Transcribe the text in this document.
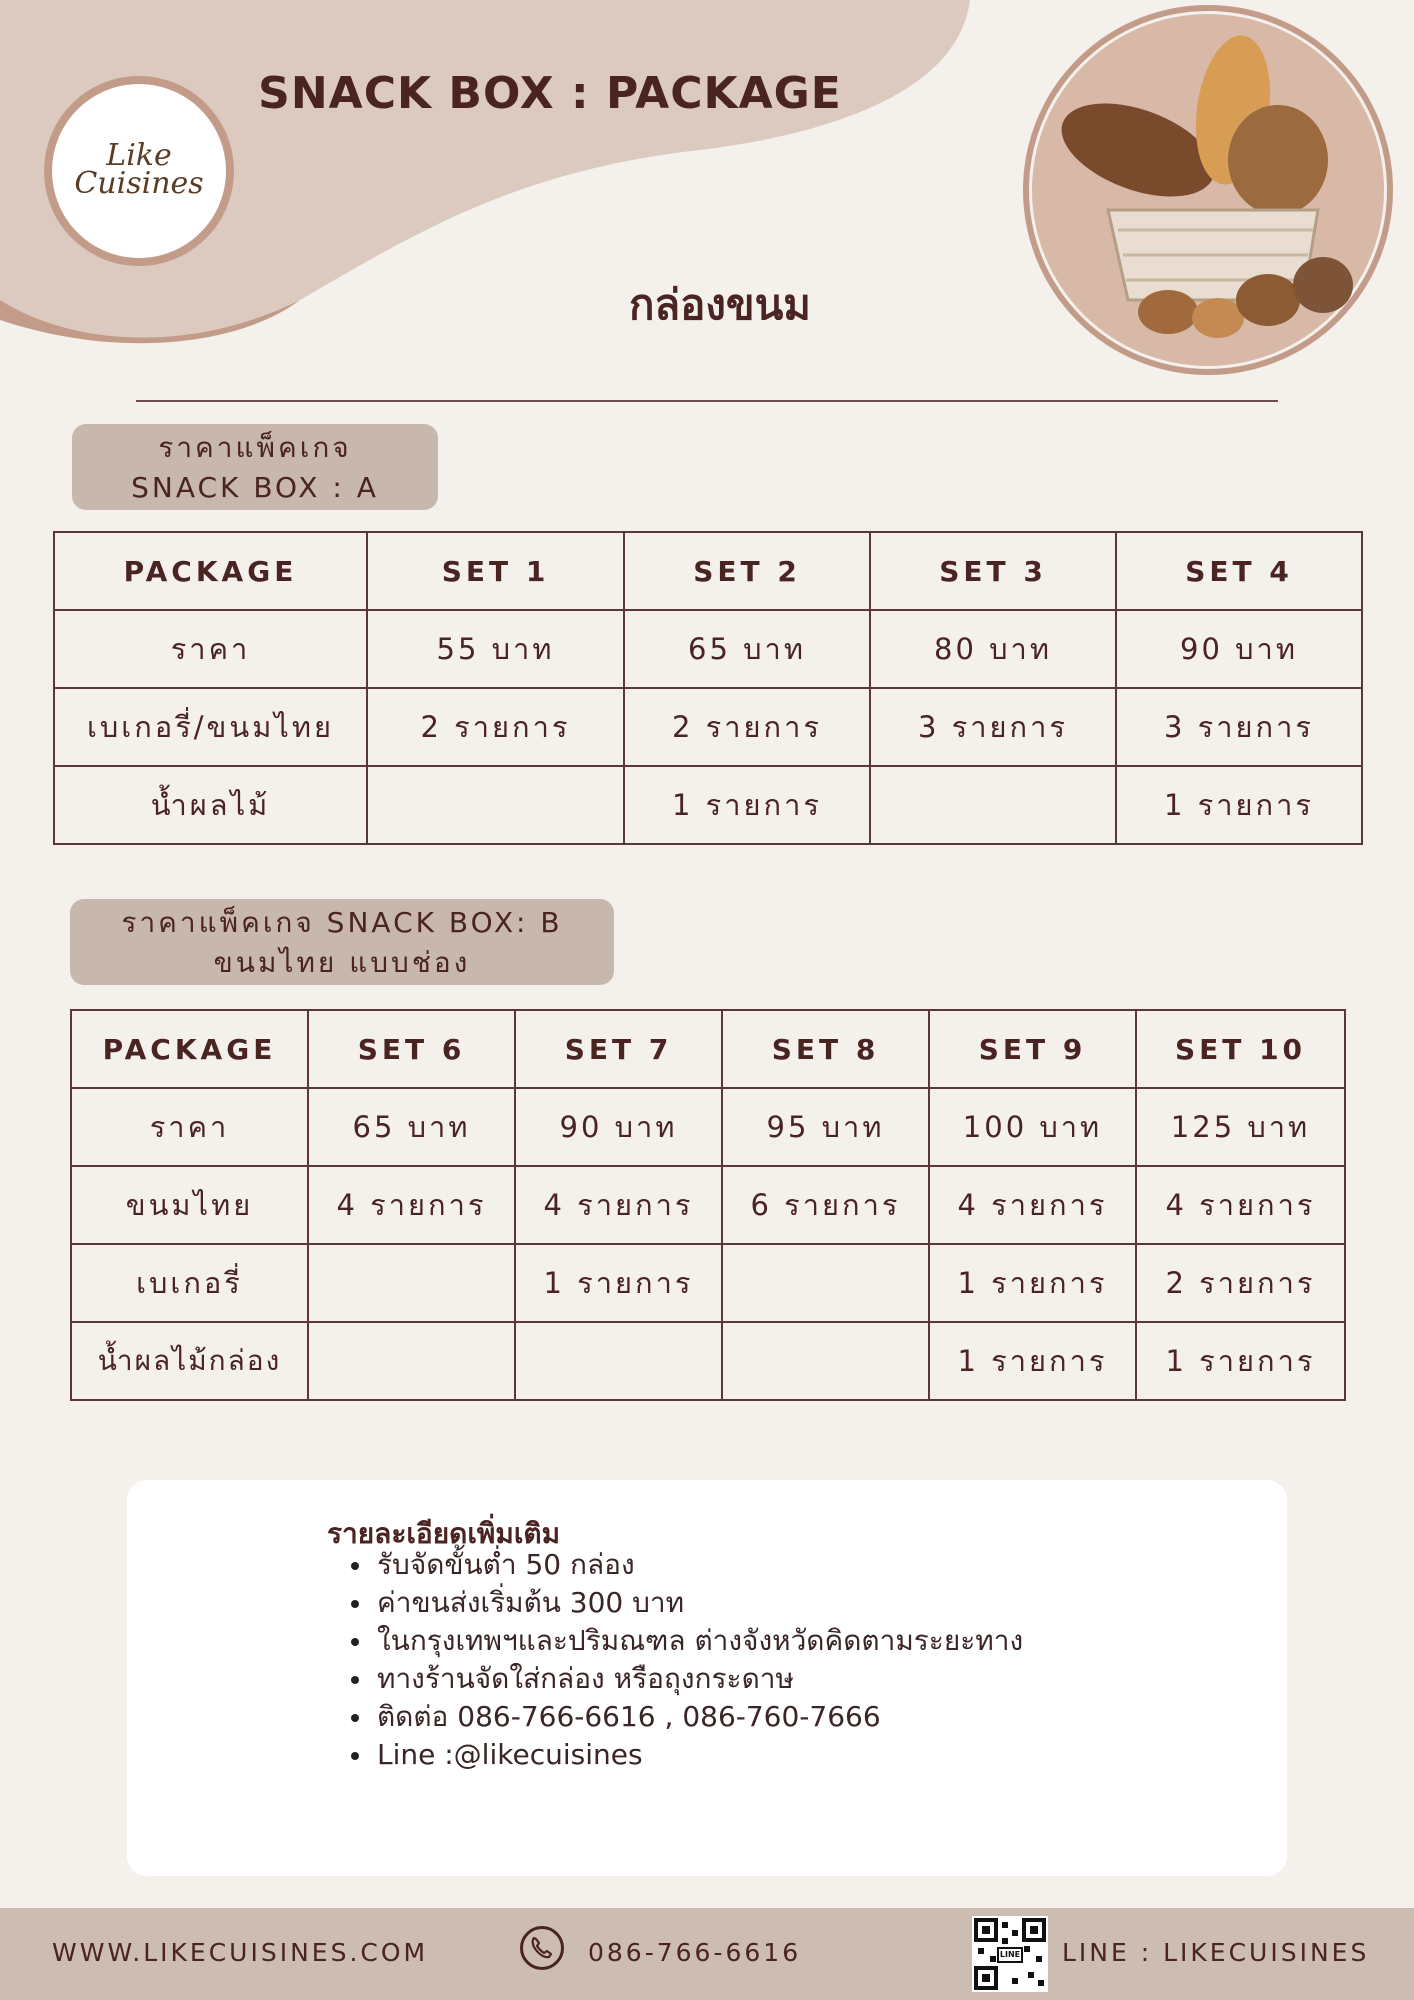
Like
Cuisines
SNACK BOX : PACKAGE
กล่องขนม
ราคาแพ็คเกจ
SNACK BOX : A
PACKAGE	SET 1	SET 2	SET 3	SET 4
ราคา	55 บาท	65 บาท	80 บาท	90 บาท
เบเกอรี่/ขนมไทย	2 รายการ	2 รายการ	3 รายการ	3 รายการ
น้ำผลไม้		1 รายการ		1 รายการ
ราคาแพ็คเกจ SNACK BOX: B
ขนมไทย แบบช่อง
PACKAGE	SET 6	SET 7	SET 8	SET 9	SET 10
ราคา	65 บาท	90 บาท	95 บาท	100 บาท	125 บาท
ขนมไทย	4 รายการ	4 รายการ	6 รายการ	4 รายการ	4 รายการ
เบเกอรี่		1 รายการ		1 รายการ	2 รายการ
น้ำผลไม้กล่อง				1 รายการ	1 รายการ
รายละเอียดเพิ่มเติม
รับจัดขั้นต่ำ 50 กล่อง
ค่าขนส่งเริ่มต้น 300 บาท
ในกรุงเทพฯและปริมณฑล ต่างจังหวัดคิดตามระยะทาง
ทางร้านจัดใส่กล่อง หรือถุงกระดาษ
ติดต่อ 086-766-6616 , 086-760-7666
Line :@likecuisines
WWW.LIKECUISINES.COM	086-766-6616	LINE LINE : LIKECUISINES
